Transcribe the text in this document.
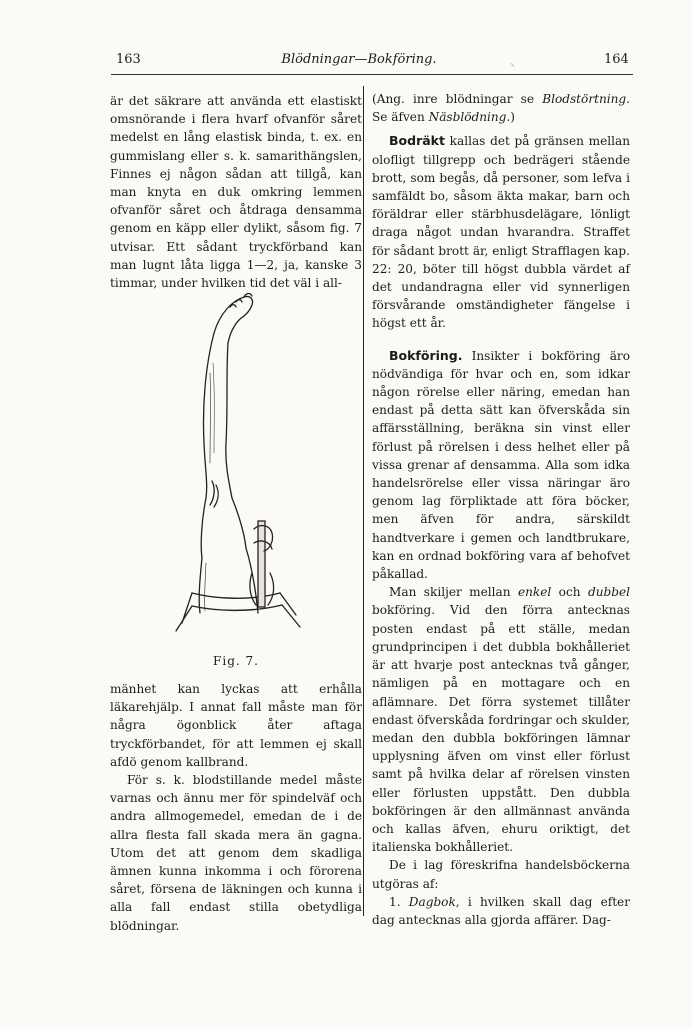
163	Blödningar—Bokföring.	164
⸜

är det säkrare att använda ett elastiskt omsnörande i flera hvarf ofvanför såret medelst en lång elastisk binda, t. ex. en gummislang eller s. k. samarithängslen, Finnes ej någon sådan att tillgå, kan man knyta en duk omkring lemmen ofvanför såret och åtdraga densamma genom en käpp eller dylikt, såsom fig. 7 utvisar. Ett sådant tryckförband kan man lugnt låta ligga 1—2, ja, kanske 3 timmar, under hvilken tid det väl i all-

Fig. 7.

mänhet kan lyckas att erhålla läkarehjälp. I annat fall måste man för några ögonblick åter aftaga tryckförbandet, för att lemmen ej skall afdö genom kallbrand.

För s. k. blodstillande medel måste varnas och ännu mer för spindelväf och andra allmogemedel, emedan de i de allra flesta fall skada mera än gagna. Utom det att genom dem skadliga ämnen kunna inkomma i och förorena såret, försena de läkningen och kunna i alla fall endast stilla obetydliga blödningar.

(Ang. inre blödningar se Blodstörtning. Se äfven Näsblödning.)

Bodräkt kallas det på gränsen mellan olofligt tillgrepp och bedrägeri stående brott, som begås, då personer, som lefva i samfäldt bo, såsom äkta makar, barn och föräldrar eller stärbhusdelägare, lönligt draga något undan hvarandra. Straffet för sådant brott är, enligt Strafflagen kap. 22: 20, böter till högst dubbla värdet af det undandragna eller vid synnerligen försvårande omständigheter fängelse i högst ett år.

Bokföring. Insikter i bokföring äro nödvändiga för hvar och en, som idkar någon rörelse eller näring, emedan han endast på detta sätt kan öfverskåda sin affärsställning, beräkna sin vinst eller förlust på rörelsen i dess helhet eller på vissa grenar af densamma. Alla som idka handelsrörelse eller vissa näringar äro genom lag förpliktade att föra böcker, men äfven för andra, särskildt handtverkare i gemen och landtbrukare, kan en ordnad bokföring vara af behofvet påkallad.

Man skiljer mellan enkel och dubbel bokföring. Vid den förra antecknas posten endast på ett ställe, medan grundprincipen i det dubbla bokhålleriet är att hvarje post antecknas två gånger, nämligen på en mottagare och en aflämnare. Det förra systemet tillåter endast öfverskåda fordringar och skulder, medan den dubbla bokföringen lämnar upplysning äfven om vinst eller förlust samt på hvilka delar af rörelsen vinsten eller förlusten uppstått. Den dubbla bokföringen är den allmännast använda och kallas äfven, ehuru oriktigt, det italienska bokhålleriet.

De i lag föreskrifna handelsböckerna utgöras af:

1. Dagbok, i hvilken skall dag efter dag antecknas alla gjorda affärer. Dag-
